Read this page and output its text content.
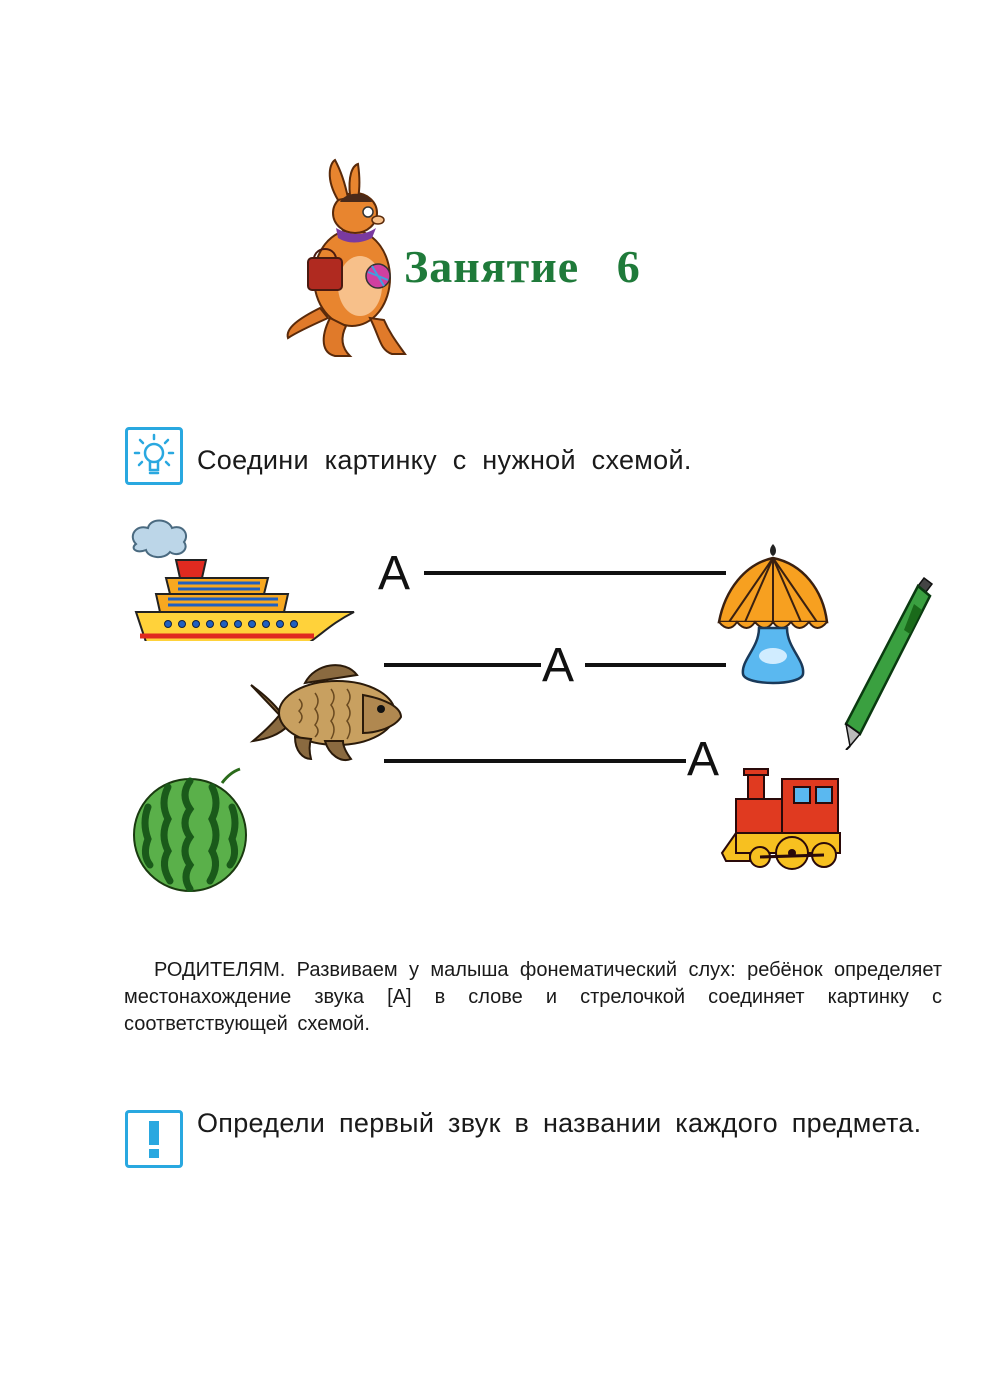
Занятие   6
Соедини картинку с нужной схемой.
А
А
А

РОДИТЕЛЯМ. Развиваем у малыша фонематический слух: ребёнок определяет местонахождение звука [А] в слове и стрелочкой соединяет картинку с соответствующей схемой.

Определи первый звук в названии каждого предмета.
